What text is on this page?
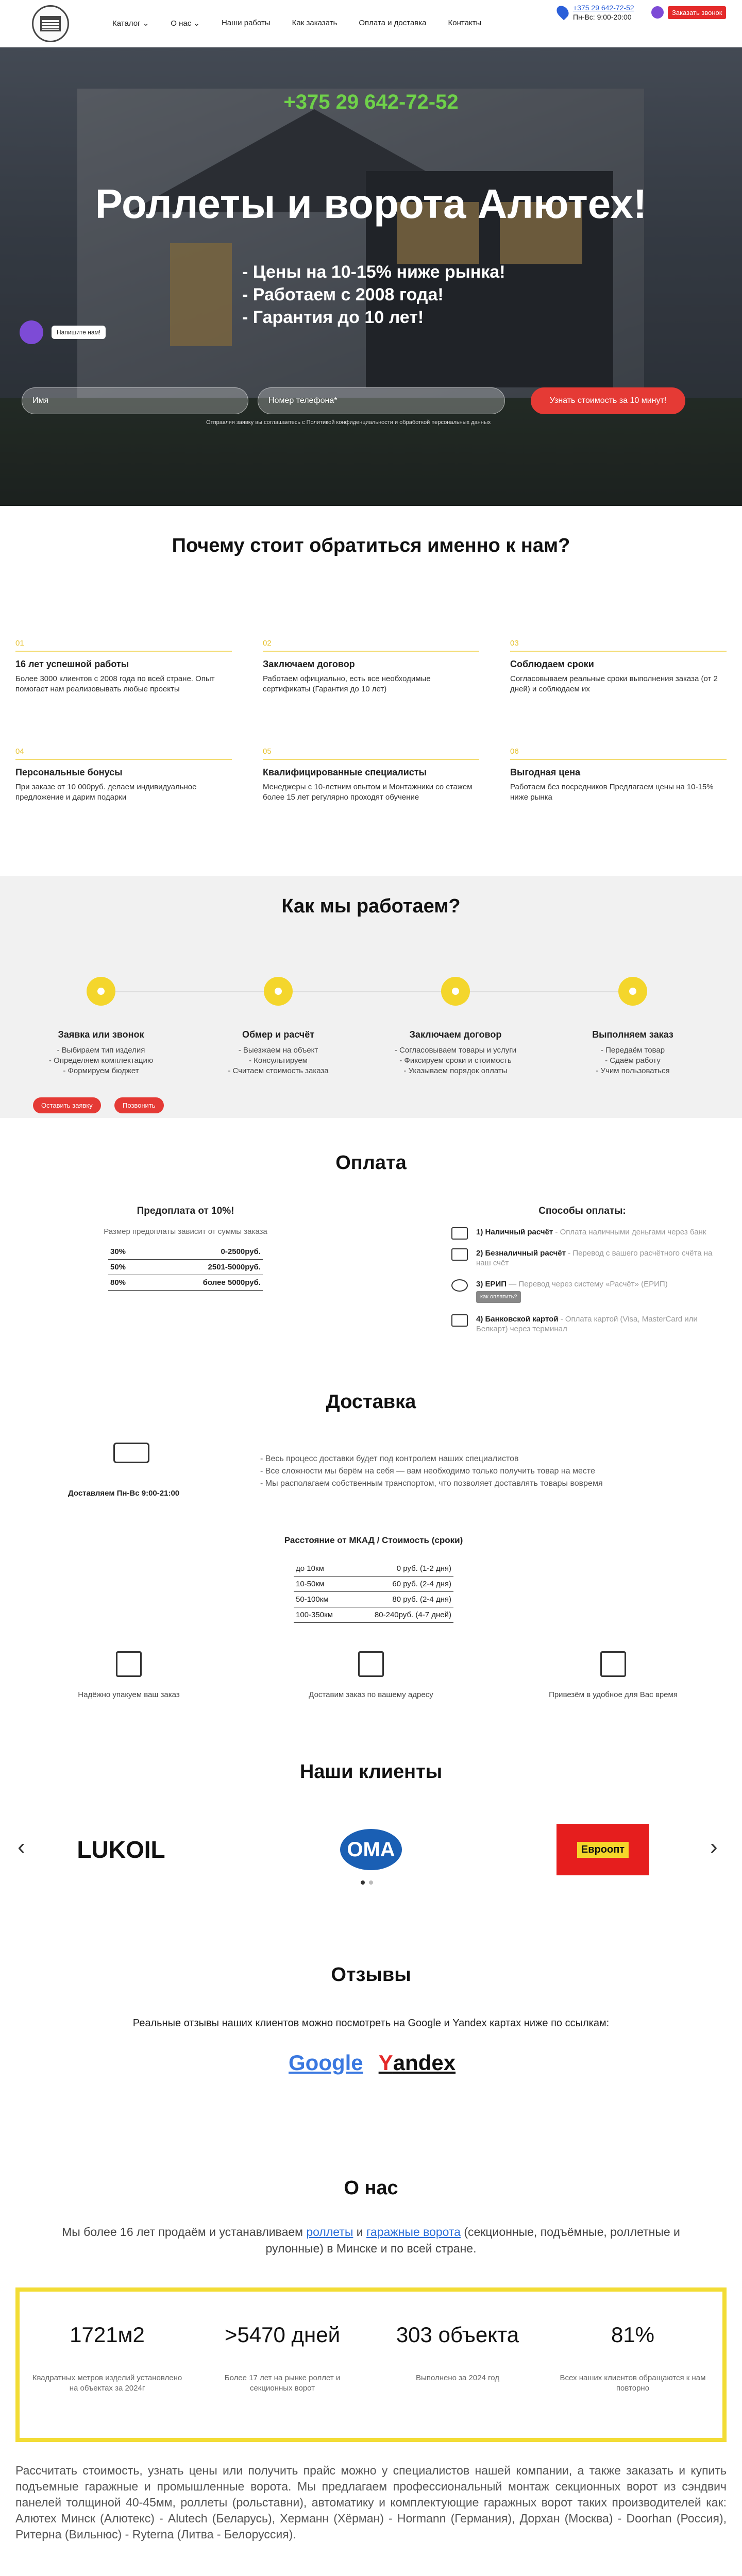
Каталог ⌄	О нас ⌄	Наши работы	Как заказать	Оплата и доставка	Контакты
+375 29 642-72-52
Пн-Вс: 9:00-20:00
Заказать звонок
+375 29 642-72-52
Роллеты и ворота Алютех!
- Цены на 10-15% ниже рынка!
- Работаем с 2008 года!
- Гарантия до 10 лет!
Напишите нам!
Имя	Номер телефона*	Узнать стоимость за 10 минут!
Отправляя заявку вы соглашаетесь с Политикой конфиденциальности и обработкой персональных данных
Почему стоит обратиться именно к нам?
01
16 лет успешной работы
Более 3000 клиентов с 2008 года по всей стране. Опыт помогает нам реализовывать любые проекты
02
Заключаем договор
Работаем официально, есть все необходимые сертификаты (Гарантия до 10 лет)
03
Соблюдаем сроки
Согласовываем реальные сроки выполнения заказа (от 2 дней) и соблюдаем их
04
Персональные бонусы
При заказе от 10 000руб. делаем индивидуальное предложение и дарим подарки
05
Квалифицированные специалисты
Менеджеры с 10-летним опытом и Монтажники со стажем более 15 лет регулярно проходят обучение
06
Выгодная цена
Работаем без посредников Предлагаем цены на 10-15% ниже рынка
Как мы работаем?
Заявка или звонок
- Выбираем тип изделия
- Определяем комплектацию
- Формируем бюджет
Обмер и расчёт
- Выезжаем на объект
- Консультируем
- Считаем стоимость заказа
Заключаем договор
- Согласовываем товары и услуги
- Фиксируем сроки и стоимость
- Указываем порядок оплаты
Выполняем заказ
- Передаём товар
- Сдаём работу
- Учим пользоваться
Оставить заявку	Позвонить
Оплата
Предоплата от 10%!
Размер предоплаты зависит от суммы заказа
30%	0-2500руб.
50%	2501-5000руб.
80%	более 5000руб.
Способы оплаты:
1) Наличный расчёт - Оплата наличными деньгами через банк
2) Безналичный расчёт - Перевод с вашего расчётного счёта на наш счёт
3) ЕРИП — Перевод через систему «Расчёт» (ЕРИП)
как оплатить?
4) Банковской картой - Оплата картой (Visa, MasterCard или Белкарт) через терминал
Доставка
Доставляем Пн-Вс 9:00-21:00
- Весь процесс доставки будет под контролем наших специалистов
- Все сложности мы берём на себя — вам необходимо только получить товар на месте
- Мы располагаем собственным транспортом, что позволяет доставлять товары вовремя
Расстояние от МКАД / Стоимость (сроки)
до 10км	0 руб. (1-2 дня)
10-50км	60 руб. (2-4 дня)
50-100км	80 руб. (2-4 дня)
100-350км	80-240руб. (4-7 дней)
Надёжно упакуем ваш заказ	Доставим заказ по вашему адресу	Привезём в удобное для Вас время
Наши клиенты
‹ LUKOIL	OMA	Евроопт	›
Отзывы
Реальные отзывы наших клиентов можно посмотреть на Google и Yandex картах ниже по ссылкам:
Google Yandex
О нас
Мы более 16 лет продаём и устанавливаем роллеты и гаражные ворота (секционные, подъёмные, роллетные и рулонные) в Минске и по всей стране.
1721м2
Квадратных метров изделий установлено на объектах за 2024г
>5470 дней
Более 17 лет на рынке роллет и секционных ворот
303 объекта
Выполнено за 2024 год
81%
Всех наших клиентов обращаются к нам повторно
Рассчитать стоимость, узнать цены или получить прайс можно у специалистов нашей компании, а также заказать и купить подъемные гаражные и промышленные ворота. Мы предлагаем профессиональный монтаж секционных ворот из сэндвич панелей толщиной 40-45мм, роллеты (рольставни), автоматику и комплектующие гаражных ворот таких производителей как: Алютех Минск (Алютекс) - Alutech (Беларусь), Херманн (Хёрман) - Hormann (Германия), Дорхан (Москва) - Doorhan (Россия), Ритерна (Вильнюс) - Ryterna (Литва - Белоруссия).
